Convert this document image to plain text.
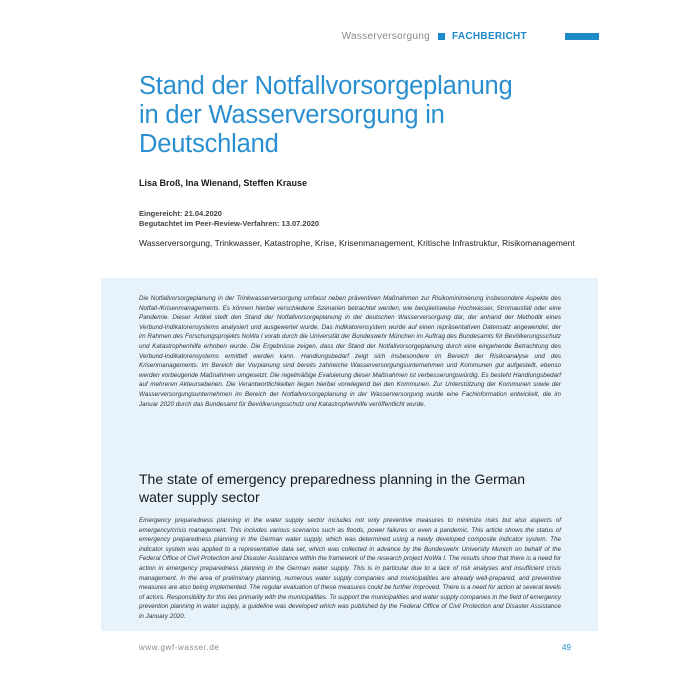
Wasserversorgung FACHBERICHT
Stand der Notfallvorsorgeplanung in der Wasserversorgung in Deutschland
Lisa Broß, Ina Wienand, Steffen Krause
Eingereicht: 21.04.2020
Begutachtet im Peer-Review-Verfahren: 13.07.2020
Wasserversorgung, Trinkwasser, Katastrophe, Krise, Krisenmanagement, Kritische Infrastruktur, Risikomanagement

Die Notfallvorsorgeplanung in der Trinkwasserversorgung umfasst neben präventiven Maßnahmen zur Risikominimierung insbesondere Aspekte des Notfall-/Krisenmanagements. Es können hierbei verschiedene Szenarien betrachtet werden, wie beispielsweise Hochwasser, Stromausfall oder eine Pandemie. Dieser Artikel stellt den Stand der Notfallvorsorgeplanung in der deutschen Wasserversorgung dar, der anhand der Methodik eines Verbund-Indikatorensystems analysiert und ausgewertet wurde. Das Indikatorensystem wurde auf einen repräsentativen Datensatz angewendet, der im Rahmen des Forschungsprojekts NoWa I vorab durch die Universität der Bundeswehr München im Auftrag des Bundesamts für Bevölkerungsschutz und Katastrophenhilfe erhoben wurde. Die Ergebnisse zeigen, dass der Stand der Notfallvorsorgeplanung durch eine eingehende Betrachtung des Verbund-Indikatorensystems ermittelt werden kann. Handlungsbedarf zeigt sich insbesondere im Bereich der Risikoanalyse und des Krisenmanagements. Im Bereich der Vorplanung sind bereits zahlreiche Wasserversorgungsunternehmen und Kommunen gut aufgestellt, ebenso werden vorbeugende Maßnahmen umgesetzt. Die regelmäßige Evaluierung dieser Maßnahmen ist verbesserungswürdig. Es besteht Handlungsbedarf auf mehreren Akteursebenen. Die Verantwortlichkeiten liegen hierbei vorwiegend bei den Kommunen. Zur Unterstützung der Kommunen sowie der Wasserversorgungsunternehmen im Bereich der Notfallvorsorgeplanung in der Wasserversorgung wurde eine Fachinformation entwickelt, die im Januar 2020 durch das Bundesamt für Bevölkerungsschutz und Katastrophenhilfe veröffentlicht wurde.

The state of emergency preparedness planning in the German water supply sector

Emergency preparedness planning in the water supply sector includes not only preventive measures to minimize risks but also aspects of emergency/crisis management. This includes various scenarios such as floods, power failures or even a pandemic. This article shows the status of emergency preparedness planning in the German water supply, which was determined using a newly developed composite indicator system. The indicator system was applied to a representative data set, which was collected in advance by the Bundeswehr University Munich on behalf of the Federal Office of Civil Protection and Disaster Assistance within the framework of the research project NoWa I. The results show that there is a need for action in emergency preparedness planning in the German water supply. This is in particular due to a lack of risk analyses and insufficient crisis management. In the area of preliminary planning, numerous water supply companies and municipalities are already well-prepared, and preventive measures are also being implemented. The regular evaluation of these measures could be further improved. There is a need for action at several levels of actors. Responsibility for this lies primarily with the municipalities. To support the municipalities and water supply companies in the field of emergency prevention planning in water supply, a guideline was developed which was published by the Federal Office of Civil Protection and Disaster Assistance in January 2020.

www.gwf-wasser.de	49
